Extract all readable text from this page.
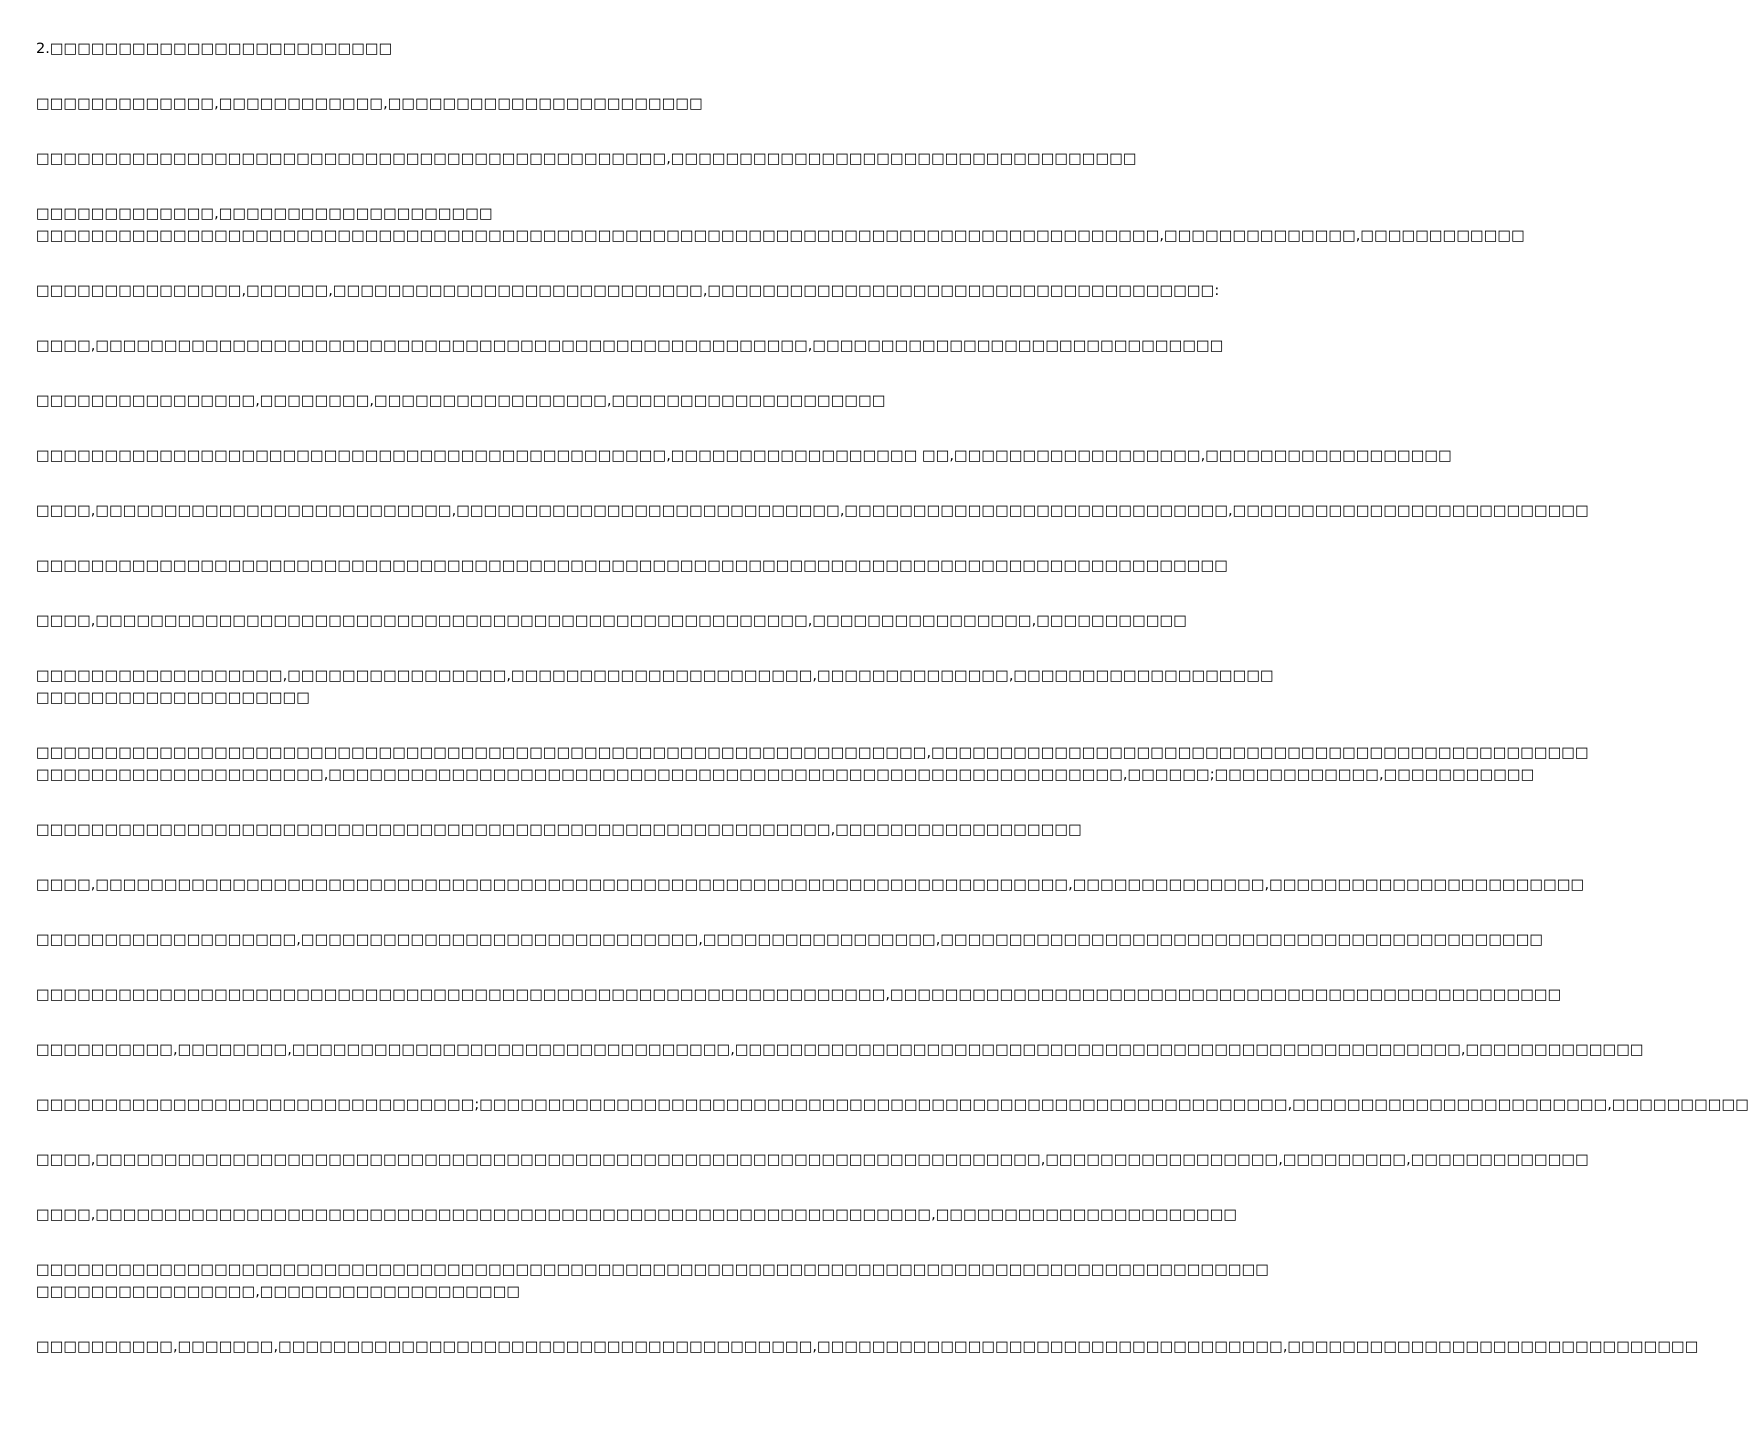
2.□□□□□□□□□□□□□□□□□□□□□□□□□
□□□□□□□□□□□□□,□□□□□□□□□□□□,□□□□□□□□□□□□□□□□□□□□□□□
□□□□□□□□□□□□□□□□□□□□□□□□□□□□□□□□□□□□□□□□□□□□□□,□□□□□□□□□□□□□□□□□□□□□□□□□□□□□□□□□□
□□□□□□□□□□□□□,□□□□□□□□□□□□□□□□□□□□
□□□□□□□□□□□□□□□□□□□□□□□□□□□□□□□□□□□□□□□□□□□□□□□□□□□□□□□□□□□□□□□□□□□□□□□□□□□□□□□□□□,□□□□□□□□□□□□□□,□□□□□□□□□□□□
□□□□□□□□□□□□□□□,□□□□□□,□□□□□□□□□□□□□□□□□□□□□□□□□□□,□□□□□□□□□□□□□□□□□□□□□□□□□□□□□□□□□□□□□:
□□□□,□□□□□□□□□□□□□□□□□□□□□□□□□□□□□□□□□□□□□□□□□□□□□□□□□□□□,□□□□□□□□□□□□□□□□□□□□□□□□□□□□□□
□□□□□□□□□□□□□□□□,□□□□□□□□,□□□□□□□□□□□□□□□□□,□□□□□□□□□□□□□□□□□□□□
□□□□□□□□□□□□□□□□□□□□□□□□□□□□□□□□□□□□□□□□□□□□□□,□□□□□□□□□□□□□□□□□□ □□,□□□□□□□□□□□□□□□□□□,□□□□□□□□□□□□□□□□□□
□□□□,□□□□□□□□□□□□□□□□□□□□□□□□□□,□□□□□□□□□□□□□□□□□□□□□□□□□□□□,□□□□□□□□□□□□□□□□□□□□□□□□□□□□,□□□□□□□□□□□□□□□□□□□□□□□□□□
□□□□□□□□□□□□□□□□□□□□□□□□□□□□□□□□□□□□□□□□□□□□□□□□□□□□□□□□□□□□□□□□□□□□□□□□□□□□□□□□□□□□□□□
□□□□,□□□□□□□□□□□□□□□□□□□□□□□□□□□□□□□□□□□□□□□□□□□□□□□□□□□□,□□□□□□□□□□□□□□□□,□□□□□□□□□□□
□□□□□□□□□□□□□□□□□□,□□□□□□□□□□□□□□□□,□□□□□□□□□□□□□□□□□□□□□□,□□□□□□□□□□□□□□,□□□□□□□□□□□□□□□□□□□
□□□□□□□□□□□□□□□□□□□□
□□□□□□□□□□□□□□□□□□□□□□□□□□□□□□□□□□□□□□□□□□□□□□□□□□□□□□□□□□□□□□□□□,□□□□□□□□□□□□□□□□□□□□□□□□□□□□□□□□□□□□□□□□□□□□□□□□
□□□□□□□□□□□□□□□□□□□□□,□□□□□□□□□□□□□□□□□□□□□□□□□□□□□□□□□□□□□□□□□□□□□□□□□□□□□□□□□□,□□□□□□;□□□□□□□□□□□□,□□□□□□□□□□□
□□□□□□□□□□□□□□□□□□□□□□□□□□□□□□□□□□□□□□□□□□□□□□□□□□□□□□□□□□,□□□□□□□□□□□□□□□□□□
□□□□,□□□□□□□□□□□□□□□□□□□□□□□□□□□□□□□□□□□□□□□□□□□□□□□□□□□□□□□□□□□□□□□□□□□□□□□,□□□□□□□□□□□□□□,□□□□□□□□□□□□□□□□□□□□□□□
□□□□□□□□□□□□□□□□□□□,□□□□□□□□□□□□□□□□□□□□□□□□□□□□□,□□□□□□□□□□□□□□□□□,□□□□□□□□□□□□□□□□□□□□□□□□□□□□□□□□□□□□□□□□□□□□
□□□□□□□□□□□□□□□□□□□□□□□□□□□□□□□□□□□□□□□□□□□□□□□□□□□□□□□□□□□□□□,□□□□□□□□□□□□□□□□□□□□□□□□□□□□□□□□□□□□□□□□□□□□□□□□□
□□□□□□□□□□,□□□□□□□□,□□□□□□□□□□□□□□□□□□□□□□□□□□□□□□□□,□□□□□□□□□□□□□□□□□□□□□□□□□□□□□□□□□□□□□□□□□□□□□□□□□□□□□,□□□□□□□□□□□□□
□□□□□□□□□□□□□□□□□□□□□□□□□□□□□□□□;□□□□□□□□□□□□□□□□□□□□□□□□□□□□□□□□□□□□□□□□□□□□□□□□□□□□□□□□□□□,□□□□□□□□□□□□□□□□□□□□□□□,□□□□□□□□□□
□□□□,□□□□□□□□□□□□□□□□□□□□□□□□□□□□□□□□□□□□□□□□□□□□□□□□□□□□□□□□□□□□□□□□□□□□□,□□□□□□□□□□□□□□□□□,□□□□□□□□□,□□□□□□□□□□□□□
□□□□,□□□□□□□□□□□□□□□□□□□□□□□□□□□□□□□□□□□□□□□□□□□□□□□□□□□□□□□□□□□□□,□□□□□□□□□□□□□□□□□□□□□□
□□□□□□□□□□□□□□□□□□□□□□□□□□□□□□□□□□□□□□□□□□□□□□□□□□□□□□□□□□□□□□□□□□□□□□□□□□□□□□□□□□□□□□□□□□
□□□□□□□□□□□□□□□□,□□□□□□□□□□□□□□□□□□□
□□□□□□□□□□,□□□□□□□,□□□□□□□□□□□□□□□□□□□□□□□□□□□□□□□□□□□□□□□,□□□□□□□□□□□□□□□□□□□□□□□□□□□□□□□□□□,□□□□□□□□□□□□□□□□□□□□□□□□□□□□□□
